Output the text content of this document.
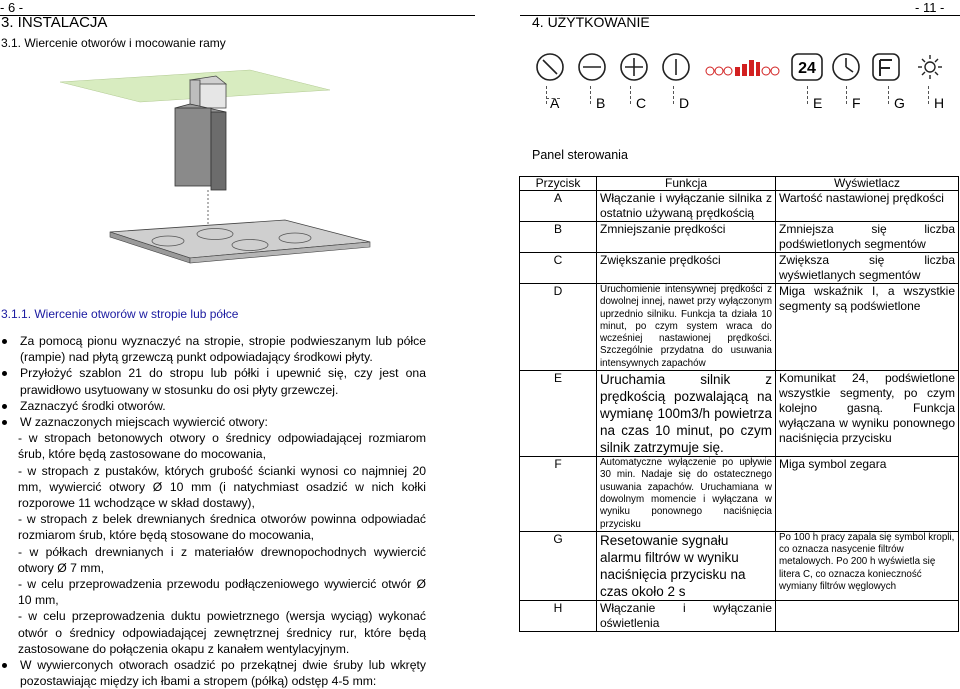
- 6 -	- 11 -
3. INSTALACJA
3.1. Wiercenie otworów i mocowanie ramy
3.1.1. Wiercenie otworów w stropie lub półce
Za pomocą pionu wyznaczyć na stropie, stropie podwieszanym lub półce (rampie) nad płytą grzewczą punkt odpowiadający środkowi płyty.
Przyłożyć szablon 21 do stropu lub półki i upewnić się, czy jest ona prawidłowo usytuowany w stosunku do osi płyty grzewczej.
Zaznaczyć środki otworów.
W zaznaczonych miejscach wywiercić otwory:
- w stropach betonowych otwory o średnicy odpowiadającej rozmiarom śrub, które będą zastosowane do mocowania,
- w stropach z pustaków, których grubość ścianki wynosi co najmniej 20 mm, wywiercić otwory Ø 10 mm (i natychmiast osadzić w nich kołki rozporowe 11 wchodzące w skład dostawy),
- w stropach z belek drewnianych średnica otworów powinna odpowiadać rozmiarom śrub, które będą stosowane do mocowania,
- w półkach drewnianych i z materiałów drewnopochodnych wywiercić otwory Ø 7 mm,
- w celu przeprowadzenia przewodu podłączeniowego wywiercić otwór Ø 10 mm,
- w celu przeprowadzenia duktu powietrznego (wersja wyciąg) wykonać otwór o średnicy odpowiadającej zewnętrznej średnicy rur, które będą zastosowane do połączenia okapu z kanałem wentylacyjnym.
W wywierconych otworach osadzić po przekątnej dwie śruby lub wkręty pozostawiając między ich łbami a stropem (półką) odstęp 4-5 mm:
4. UŻYTKOWANIE
24
A	B C D	E F G H
Panel sterowania
Przycisk	Funkcja	Wyświetlacz
A	Włączanie i wyłączanie silnika z ostatnio używaną prędkością	Wartość nastawionej prędkości
B	Zmniejszanie prędkości	Zmniejsza się liczba podświetlonych segmentów
C	Zwiększanie prędkości	Zwiększa się liczba wyświetlanych segmentów
D	Uruchomienie intensywnej prędkości z dowolnej innej, nawet przy wyłączonym uprzednio silniku. Funkcja ta działa 10 minut, po czym system wraca do wcześniej nastawionej prędkości. Szczególnie przydatna do usuwania intensywnych zapachów	Miga wskaźnik I, a wszystkie segmenty są podświetlone
E	Uruchamia silnik z prędkością pozwalającą na wymianę 100m3/h powietrza na czas 10 minut, po czym silnik zatrzymuje się.	Komunikat 24, podświetlone wszystkie segmenty, po czym kolejno gasną. Funkcja wyłączana w wyniku ponownego naciśnięcia przycisku
F	Automatyczne wyłączenie po upływie 30 min. Nadaje się do ostatecznego usuwania zapachów. Uruchamiana w dowolnym momencie i wyłączana w wyniku ponownego naciśnięcia przycisku	Miga symbol zegara
G	Resetowanie sygnału alarmu filtrów w wyniku naciśnięcia przycisku na czas około 2 s	Po 100 h pracy zapala się symbol kropli, co oznacza nasycenie filtrów metalowych. Po 200 h wyświetla się litera C, co oznacza konieczność wymiany filtrów węglowych
H	Włączanie i wyłączanie oświetlenia	
